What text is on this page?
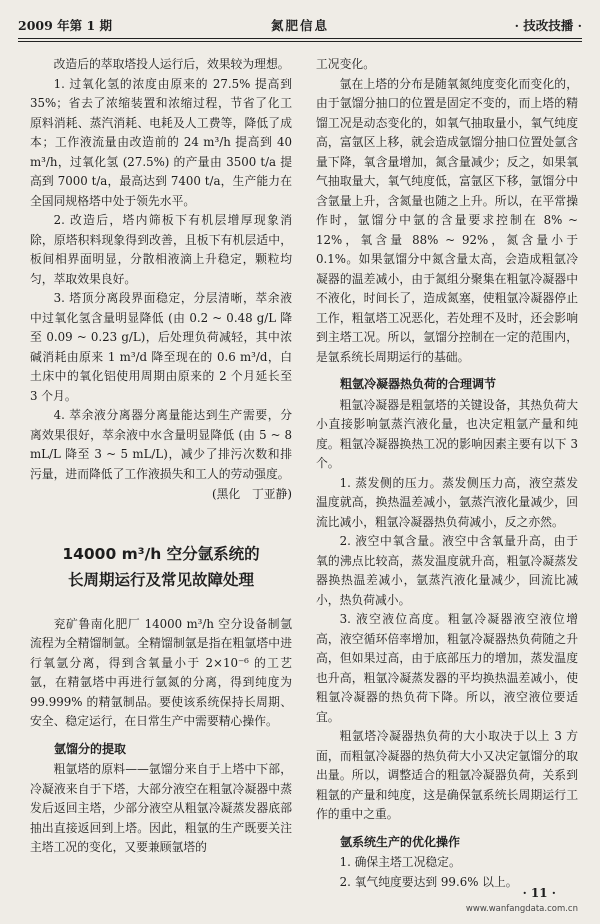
2009 年第 1 期	氮肥信息	· 技改技播 ·

改造后的萃取塔投人运行后，效果较为理想。

1. 过氧化氢的浓度由原来的 27.5% 提高到 35%；省去了浓缩装置和浓缩过程，节省了化工原料消耗、蒸汽消耗、电耗及人工费等，降低了成本；工作液流量由改造前的 24 m³/h 提高到 40 m³/h，过氧化氢 (27.5%) 的产量由 3500 t/a 提高到 7000 t/a，最高达到 7400 t/a，生产能力在全国同规格塔中处于领先水平。

2. 改造后，塔内筛板下有机层增厚现象消除，原塔积料现象得到改善，且板下有机层适中，板间相界面明显，分散相液滴上升稳定，颗粒均匀，萃取效果良好。

3. 塔顶分离段界面稳定，分层清晰，萃余液中过氧化氢含量明显降低 (由 0.2 ~ 0.48 g/L 降至 0.09 ~ 0.23 g/L)，后处理负荷减轻，其中浓碱消耗由原来 1 m³/d 降至现在的 0.6 m³/d，白土床中的氧化铝使用周期由原来的 2 个月延长至 3 个月。

4. 萃余液分离器分离量能达到生产需要，分离效果很好，萃余液中水含量明显降低 (由 5 ~ 8 mL/L 降至 3 ~ 5 mL/L)，减少了排污次数和排污量，进而降低了工作液损失和工人的劳动强度。

(黑化　丁亚静)

14000 m³/h 空分氩系统的
长周期运行及常见故障处理

兖矿鲁南化肥厂 14000 m³/h 空分设备制氩流程为全精馏制氩。全精馏制氩是指在粗氩塔中进行氧氩分离，得到含氧量小于 2×10⁻⁶ 的工艺氩，在精氩塔中再进行氩氮的分离，得到纯度为 99.999% 的精氩制品。要使该系统保持长周期、安全、稳定运行，在日常生产中需要精心操作。

氩馏分的提取

粗氩塔的原料——氩馏分来自于上塔中下部，冷凝液来自于下塔，大部分液空在粗氩冷凝器中蒸发后返回主塔，少部分液空从粗氩冷凝蒸发器底部抽出直接返回到上塔。因此，粗氩的生产既要关注主塔工况的变化，又要兼顾氩塔的

工况变化。

氩在上塔的分布是随氧氮纯度变化而变化的，由于氩馏分抽口的位置是固定不变的，而上塔的精馏工况是动态变化的，如氧气抽取量小，氧气纯度高，富氩区上移，就会造成氩馏分抽口位置处氩含量下降，氧含量增加，氮含量减少；反之，如果氧气抽取量大，氧气纯度低，富氩区下移，氩馏分中含氩量上升，含氮量也随之上升。所以，在平常操作时，氩馏分中氩的含量要求控制在 8% ~ 12%，氧含量 88% ~ 92%，氮含量小于 0.1%。如果氩馏分中氮含量太高，会造成粗氩冷凝器的温差减小，由于氮组分聚集在粗氩冷凝器中不液化，时间长了，造成氮塞，使粗氩冷凝器停止工作，粗氩塔工况恶化，若处理不及时，还会影响到主塔工况。所以，氩馏分控制在一定的范围内，是氩系统长周期运行的基础。

粗氩冷凝器热负荷的合理调节

粗氩冷凝器是粗氩塔的关键设备，其热负荷大小直接影响氩蒸汽液化量，也决定粗氩产量和纯度。粗氩冷凝器换热工况的影响因素主要有以下 3 个。

1. 蒸发侧的压力。蒸发侧压力高，液空蒸发温度就高，换热温差减小，氩蒸汽液化量减少，回流比减小，粗氩冷凝器热负荷减小，反之亦然。

2. 液空中氧含量。液空中含氧量升高，由于氧的沸点比较高，蒸发温度就升高，粗氩冷凝蒸发器换热温差减小，氩蒸汽液化量减少，回流比减小，热负荷减小。

3. 液空液位高度。粗氩冷凝器液空液位增高，液空循环倍率增加，粗氩冷凝器热负荷随之升高，但如果过高，由于底部压力的增加，蒸发温度也升高，粗氩冷凝蒸发器的平均换热温差减小，使粗氩冷凝器的热负荷下降。所以，液空液位要适宜。

粗氩塔冷凝器热负荷的大小取决于以上 3 方面，而粗氩冷凝器的热负荷大小又决定氩馏分的取出量。所以，调整适合的粗氩冷凝器负荷，关系到粗氩的产量和纯度，这是确保氩系统长周期运行工作的重中之重。

氩系统生产的优化操作

1. 确保主塔工况稳定。

2. 氧气纯度要达到 99.6% 以上。

· 11 ·
www.wanfangdata.com.cn
